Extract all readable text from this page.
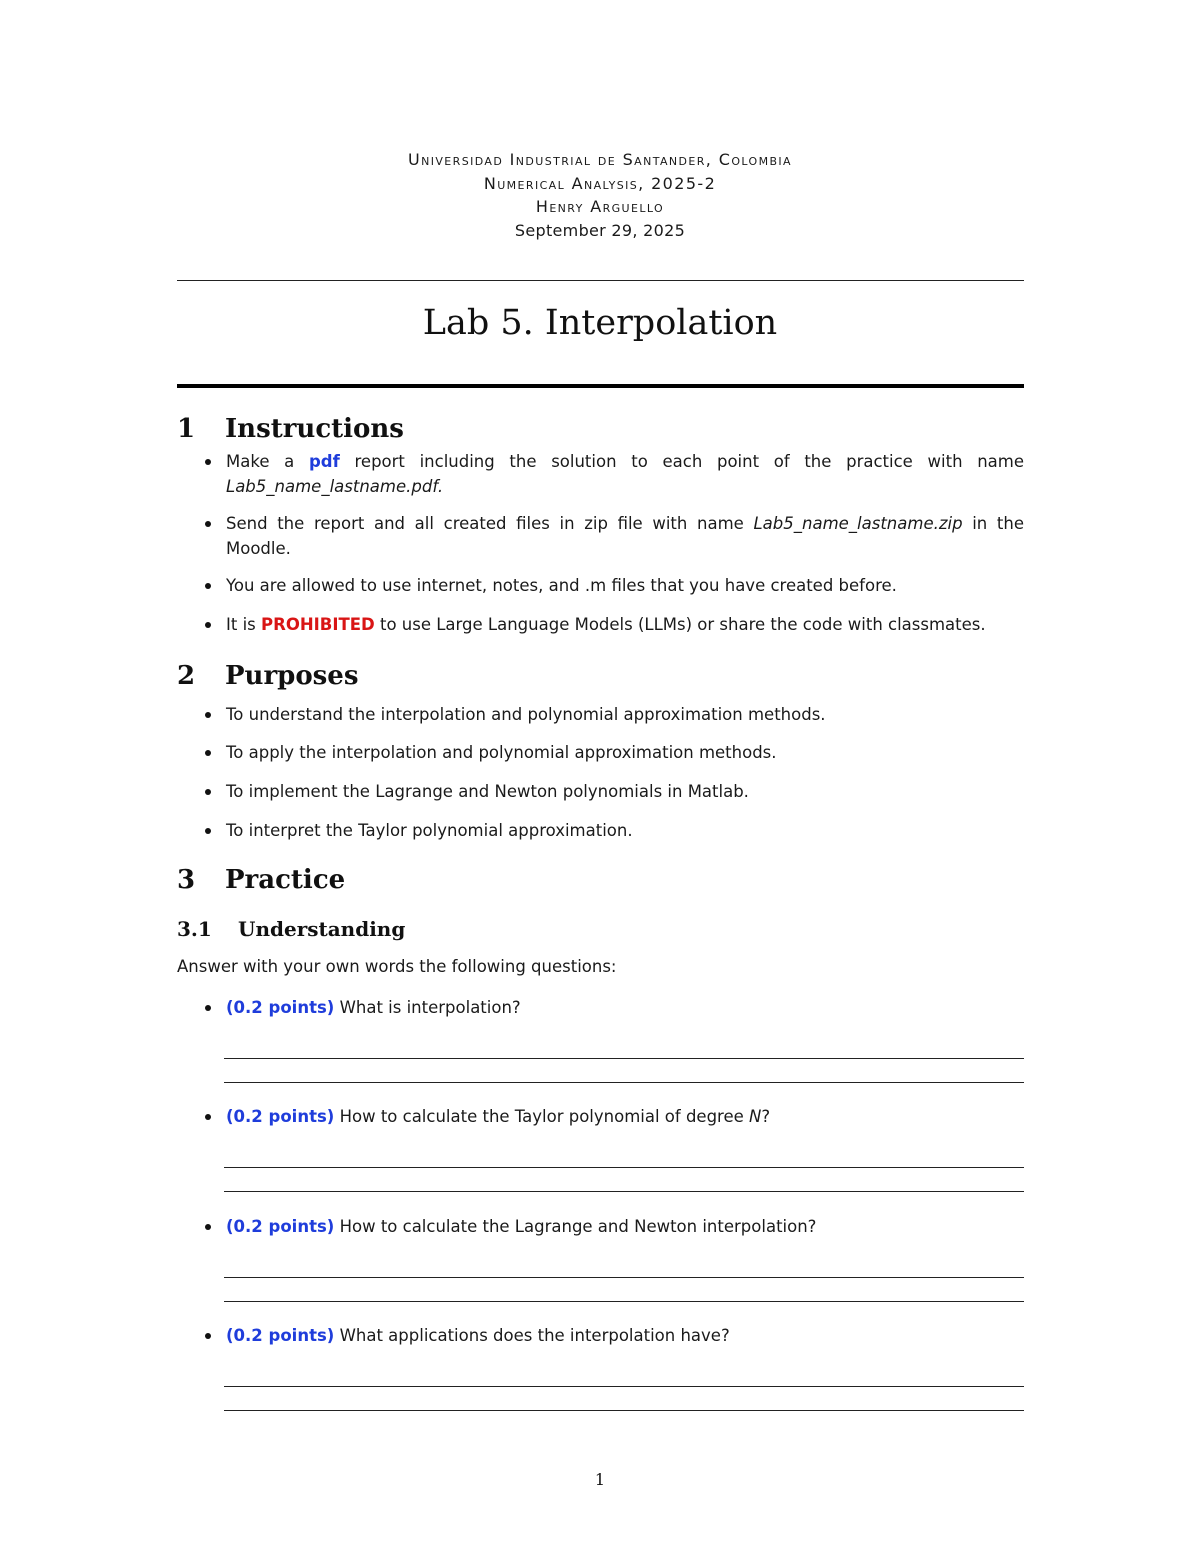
Universidad Industrial de Santander, Colombia
Numerical Analysis, 2025-2
Henry Arguello
September 29, 2025
Lab 5. Interpolation
1 Instructions
Make a pdf report including the solution to each point of the practice with name
Lab5_name_lastname.pdf.
Send the report and all created files in zip file with name Lab5_name_lastname.zip in the
Moodle.
You are allowed to use internet, notes, and .m files that you have created before.
It is PROHIBITED to use Large Language Models (LLMs) or share the code with classmates.
2 Purposes
To understand the interpolation and polynomial approximation methods.
To apply the interpolation and polynomial approximation methods.
To implement the Lagrange and Newton polynomials in Matlab.
To interpret the Taylor polynomial approximation.
3 Practice
3.1 Understanding
Answer with your own words the following questions:
(0.2 points) What is interpolation?
(0.2 points) How to calculate the Taylor polynomial of degree N?
(0.2 points) How to calculate the Lagrange and Newton interpolation?
(0.2 points) What applications does the interpolation have?
1
